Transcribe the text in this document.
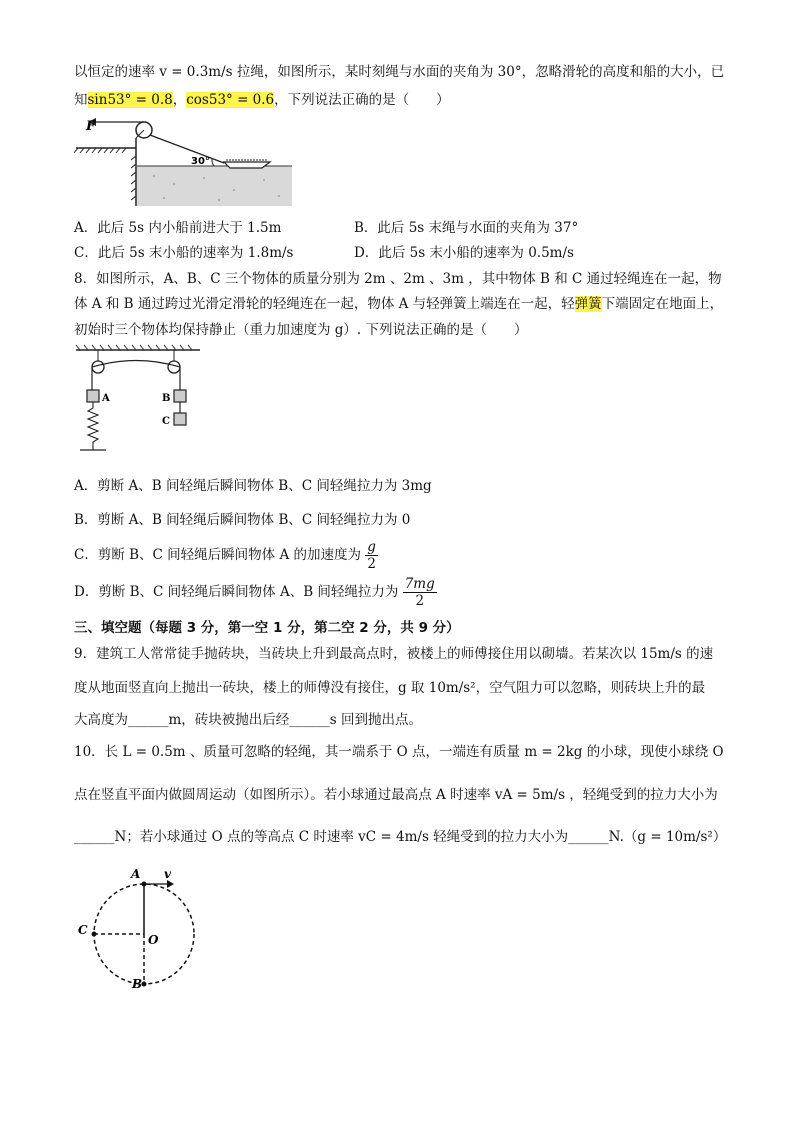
以恒定的速率 v = 0.3m/s 拉绳，如图所示，某时刻绳与水面的夹角为 30°，忽略滑轮的高度和船的大小，已
知sin53° = 0.8，cos53° = 0.6，下列说法正确的是（　　）
F
30°
A．此后 5s 内小船前进大于 1.5m	B．此后 5s 末绳与水面的夹角为 37°
C．此后 5s 末小船的速率为 1.8m/s	D．此后 5s 末小船的速率为 0.5m/s
8．如图所示，A、B、C 三个物体的质量分别为 2m 、2m 、3m ，其中物体 B 和 C 通过轻绳连在一起，物
体 A 和 B 通过跨过光滑定滑轮的轻绳连在一起，物体 A 与轻弹簧上端连在一起，轻弹簧下端固定在地面上，
初始时三个物体均保持静止（重力加速度为 g）. 下列说法正确的是（　　）
A	B
C
A．剪断 A、B 间轻绳后瞬间物体 B、C 间轻绳拉力为 3mg
B．剪断 A、B 间轻绳后瞬间物体 B、C 间轻绳拉力为 0
C．剪断 B、C 间轻绳后瞬间物体 A 的加速度为 $\frac{g}{2}$
D．剪断 B、C 间轻绳后瞬间物体 A、B 间轻绳拉力为 $\frac{7mg}{2}$
三、填空题（每题 3 分，第一空 1 分，第二空 2 分，共 9 分）
9．建筑工人常常徒手抛砖块，当砖块上升到最高点时，被楼上的师傅接住用以砌墙。若某次以 15m/s 的速
度从地面竖直向上抛出一砖块，楼上的师傅没有接住，g 取 10m/s²，空气阻力可以忽略，则砖块上升的最
大高度为______m，砖块被抛出后经______s 回到抛出点。
10．长 L = 0.5m 、质量可忽略的轻绳，其一端系于 O 点，一端连有质量 m = 2kg 的小球，现使小球绕 O
点在竖直平面内做圆周运动（如图所示）。若小球通过最高点 A 时速率 vA = 5m/s ，轻绳受到的拉力大小为
______N；若小球通过 O 点的等高点 C 时速率 vC = 4m/s 轻绳受到的拉力大小为______N.（g = 10m/s²）
A v
C
O
B
